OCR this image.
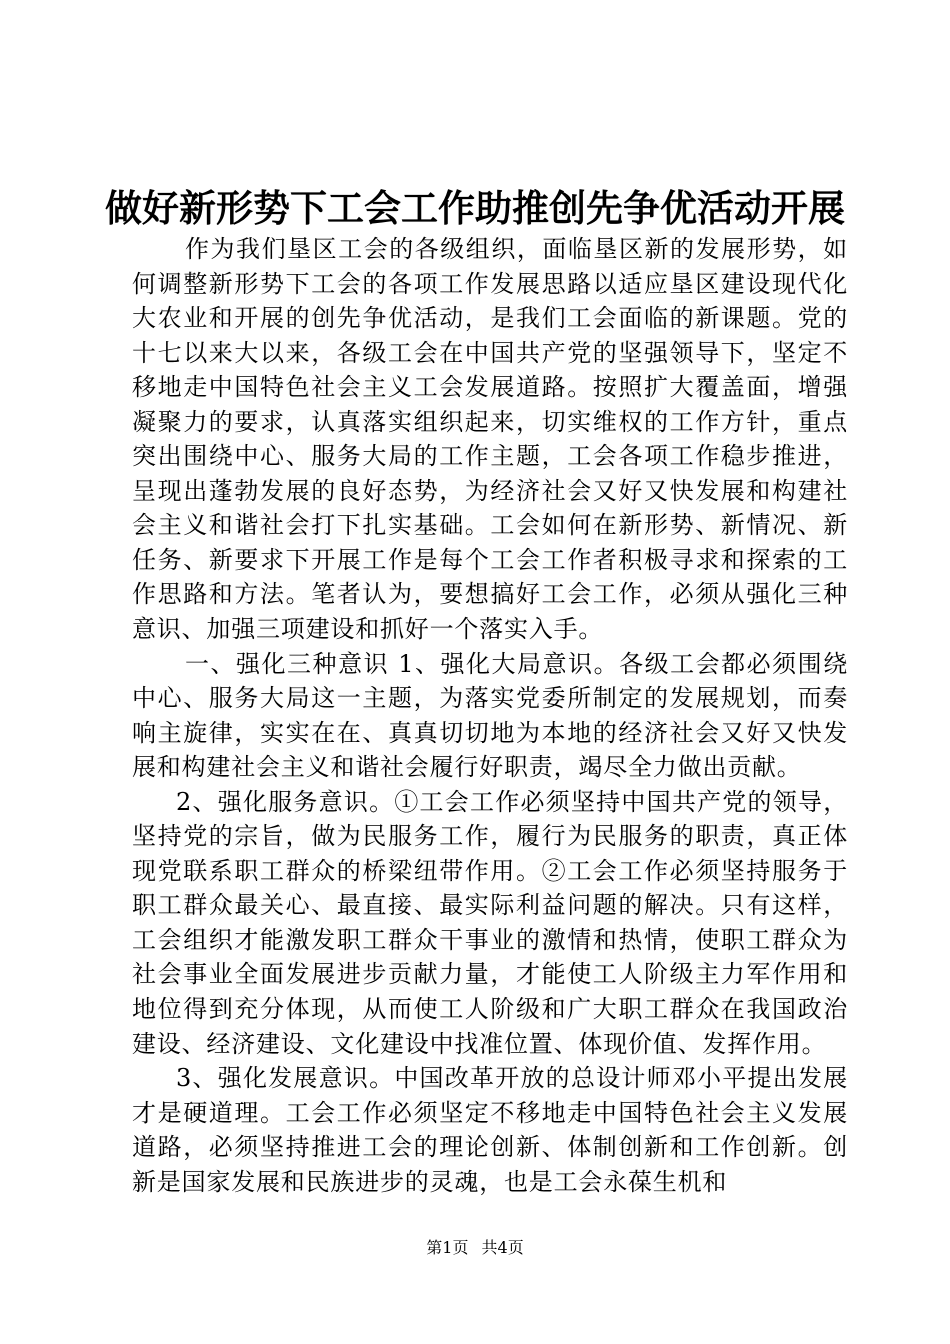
做好新形势下工会工作助推创先争优活动开展

作为我们垦区工会的各级组织，面临垦区新的发展形势，如何调整新形势下工会的各项工作发展思路以适应垦区建设现代化大农业和开展的创先争优活动，是我们工会面临的新课题。党的十七以来大以来，各级工会在中国共产党的坚强领导下，坚定不移地走中国特色社会主义工会发展道路。按照扩大覆盖面，增强凝聚力的要求，认真落实组织起来，切实维权的工作方针，重点突出围绕中心、服务大局的工作主题，工会各项工作稳步推进，呈现出蓬勃发展的良好态势，为经济社会又好又快发展和构建社会主义和谐社会打下扎实基础。工会如何在新形势、新情况、新任务、新要求下开展工作是每个工会工作者积极寻求和探索的工作思路和方法。笔者认为，要想搞好工会工作，必须从强化三种意识、加强三项建设和抓好一个落实入手。

一、强化三种意识 1、强化大局意识。各级工会都必须围绕中心、服务大局这一主题，为落实党委所制定的发展规划，而奏响主旋律，实实在在、真真切切地为本地的经济社会又好又快发展和构建社会主义和谐社会履行好职责，竭尽全力做出贡献。

2、强化服务意识。①工会工作必须坚持中国共产党的领导，坚持党的宗旨，做为民服务工作，履行为民服务的职责，真正体现党联系职工群众的桥梁纽带作用。②工会工作必须坚持服务于职工群众最关心、最直接、最实际利益问题的解决。只有这样，工会组织才能激发职工群众干事业的激情和热情，使职工群众为社会事业全面发展进步贡献力量，才能使工人阶级主力军作用和地位得到充分体现，从而使工人阶级和广大职工群众在我国政治建设、经济建设、文化建设中找准位置、体现价值、发挥作用。

3、强化发展意识。中国改革开放的总设计师邓小平提出发展才是硬道理。工会工作必须坚定不移地走中国特色社会主义发展道路，必须坚持推进工会的理论创新、体制创新和工作创新。创新是国家发展和民族进步的灵魂，也是工会永葆生机和

第1页 共4页
